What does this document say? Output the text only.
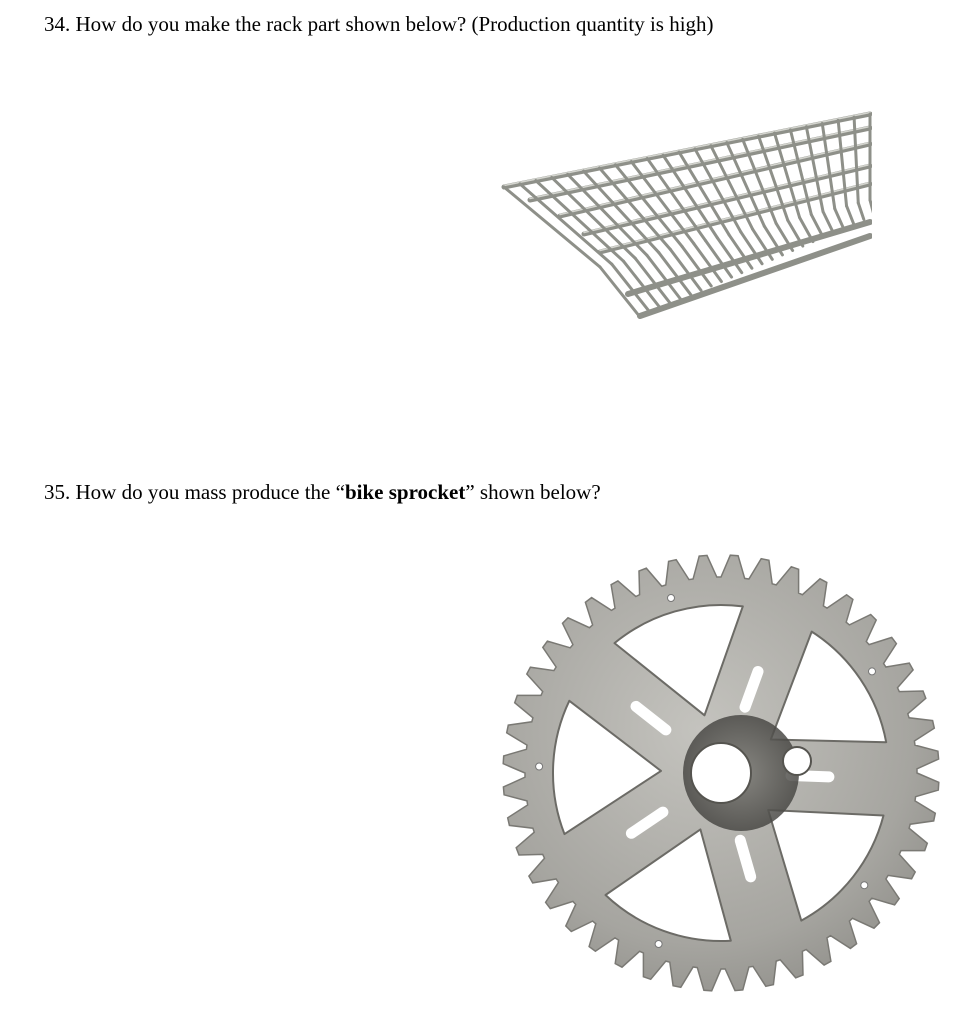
34. How do you make the rack part shown below? (Production quantity is high)

35. How do you mass produce the “bike sprocket” shown below?
